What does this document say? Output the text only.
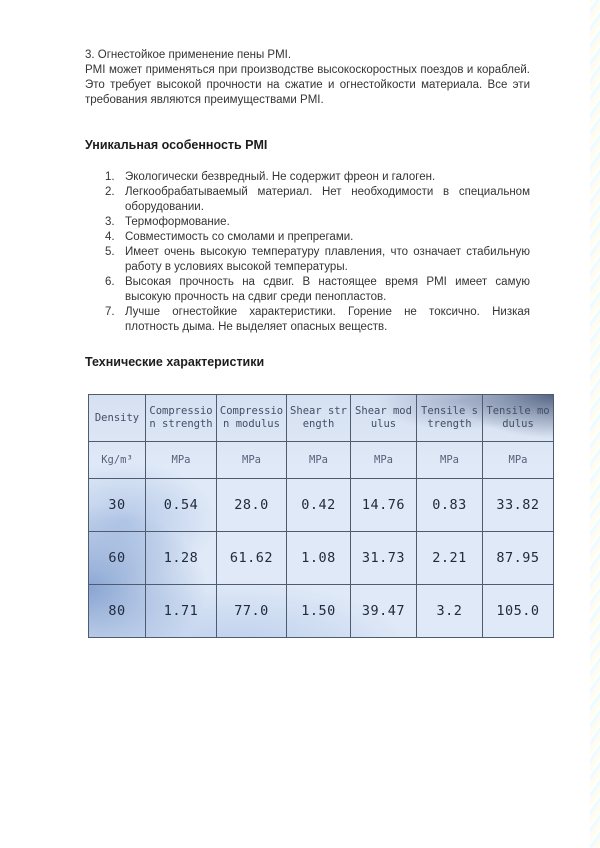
3. Огнестойкое применение пены PMI.
PMI может применяться при производстве высокоскоростных поездов и кораблей. Это требует высокой прочности на сжатие и огнестойкости материала. Все эти требования являются преимуществами PMI.
Уникальная особенность PMI
1. Экологически безвредный. Не содержит фреон и галоген.
2. Легкообрабатываемый материал. Нет необходимости в специальном оборудовании.
3. Термоформование.
4. Совместимость со смолами и препрегами.
5. Имеет очень высокую температуру плавления, что означает стабильную работу в условиях высокой температуры.
6. Высокая прочность на сдвиг. В настоящее время PMI имеет самую высокую прочность на сдвиг среди пенопластов.
7. Лучше огнестойкие характеристики. Горение не токсично. Низкая плотность дыма. Не выделяет опасных веществ.
Технические характеристики
Density	Compression strength	Compression modulus	Shear strength	Shear modulus	Tensile strength	Tensile modulus
Kg/m³	MPa	MPa	MPa	MPa	MPa	MPa
30	0.54	28.0	0.42	14.76	0.83	33.82
60	1.28	61.62	1.08	31.73	2.21	87.95
80	1.71	77.0	1.50	39.47	3.2	105.0
